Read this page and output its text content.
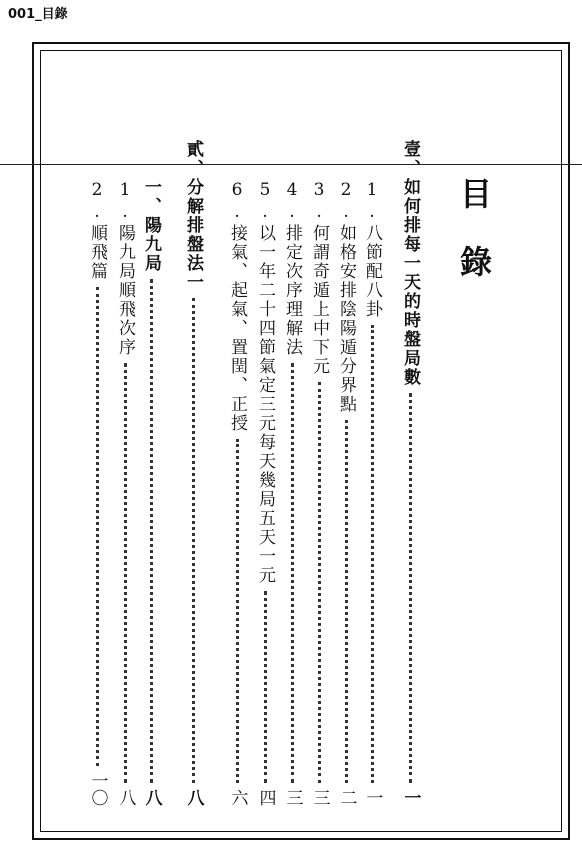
001_目錄
目
錄
壹、如何排每一天的時盤局數
一
1.八節配八卦
一
2.如格安排陰陽遁分界點
二
3.何謂奇遁上中下元
三
4.排定次序理解法
三
5.以一年二十四節氣定三元每天幾局五天一元
四
6.接氣、起氣、置閏、正授
六
貳、分解排盤法一
八
一、陽九局
八
1.陽九局順飛次序
八
2.順飛篇
一〇
